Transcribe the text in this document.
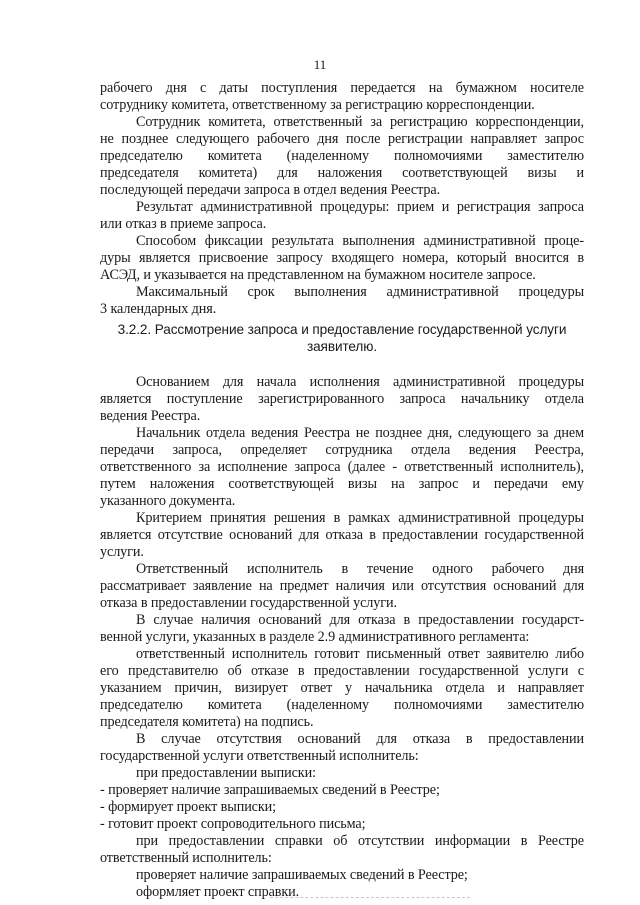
11
рабочего дня с даты поступления передается на бумажном носителе
сотруднику комитета, ответственному за регистрацию корреспонденции.
Сотрудник комитета, ответственный за регистрацию корреспонденции,
не позднее следующего рабочего дня после регистрации направляет запрос
председателю комитета (наделенному полномочиями заместителю
председателя комитета) для наложения соответствующей визы и
последующей передачи запроса в отдел ведения Реестра.
Результат административной процедуры: прием и регистрация запроса
или отказ в приеме запроса.
Способом фиксации результата выполнения административной проце-
дуры является присвоение запросу входящего номера, который вносится в
АСЭД, и указывается на представленном на бумажном носителе запросе.
Максимальный срок выполнения административной процедуры
3 календарных дня.
3.2.2. Рассмотрение запроса и предоставление государственной услуги
заявителю.
Основанием для начала исполнения административной процедуры
является поступление зарегистрированного запроса начальнику отдела
ведения Реестра.
Начальник отдела ведения Реестра не позднее дня, следующего за днем
передачи запроса, определяет сотрудника отдела ведения Реестра,
ответственного за исполнение запроса (далее - ответственный исполнитель),
путем наложения соответствующей визы на запрос и передачи ему
указанного документа.
Критерием принятия решения в рамках административной процедуры
является отсутствие оснований для отказа в предоставлении государственной
услуги.
Ответственный исполнитель в течение одного рабочего дня
рассматривает заявление на предмет наличия или отсутствия оснований для
отказа в предоставлении государственной услуги.
В случае наличия оснований для отказа в предоставлении государст-
венной услуги, указанных в разделе 2.9 административного регламента:
ответственный исполнитель готовит письменный ответ заявителю либо
его представителю об отказе в предоставлении государственной услуги с
указанием причин, визирует ответ у начальника отдела и направляет
председателю комитета (наделенному полномочиями заместителю
председателя комитета) на подпись.
В случае отсутствия оснований для отказа в предоставлении
государственной услуги ответственный исполнитель:
при предоставлении выписки:
- проверяет наличие запрашиваемых сведений в Реестре;
- формирует проект выписки;
- готовит проект сопроводительного письма;
при предоставлении справки об отсутствии информации в Реестре
ответственный исполнитель:
проверяет наличие запрашиваемых сведений в Реестре;
оформляет проект справки.
